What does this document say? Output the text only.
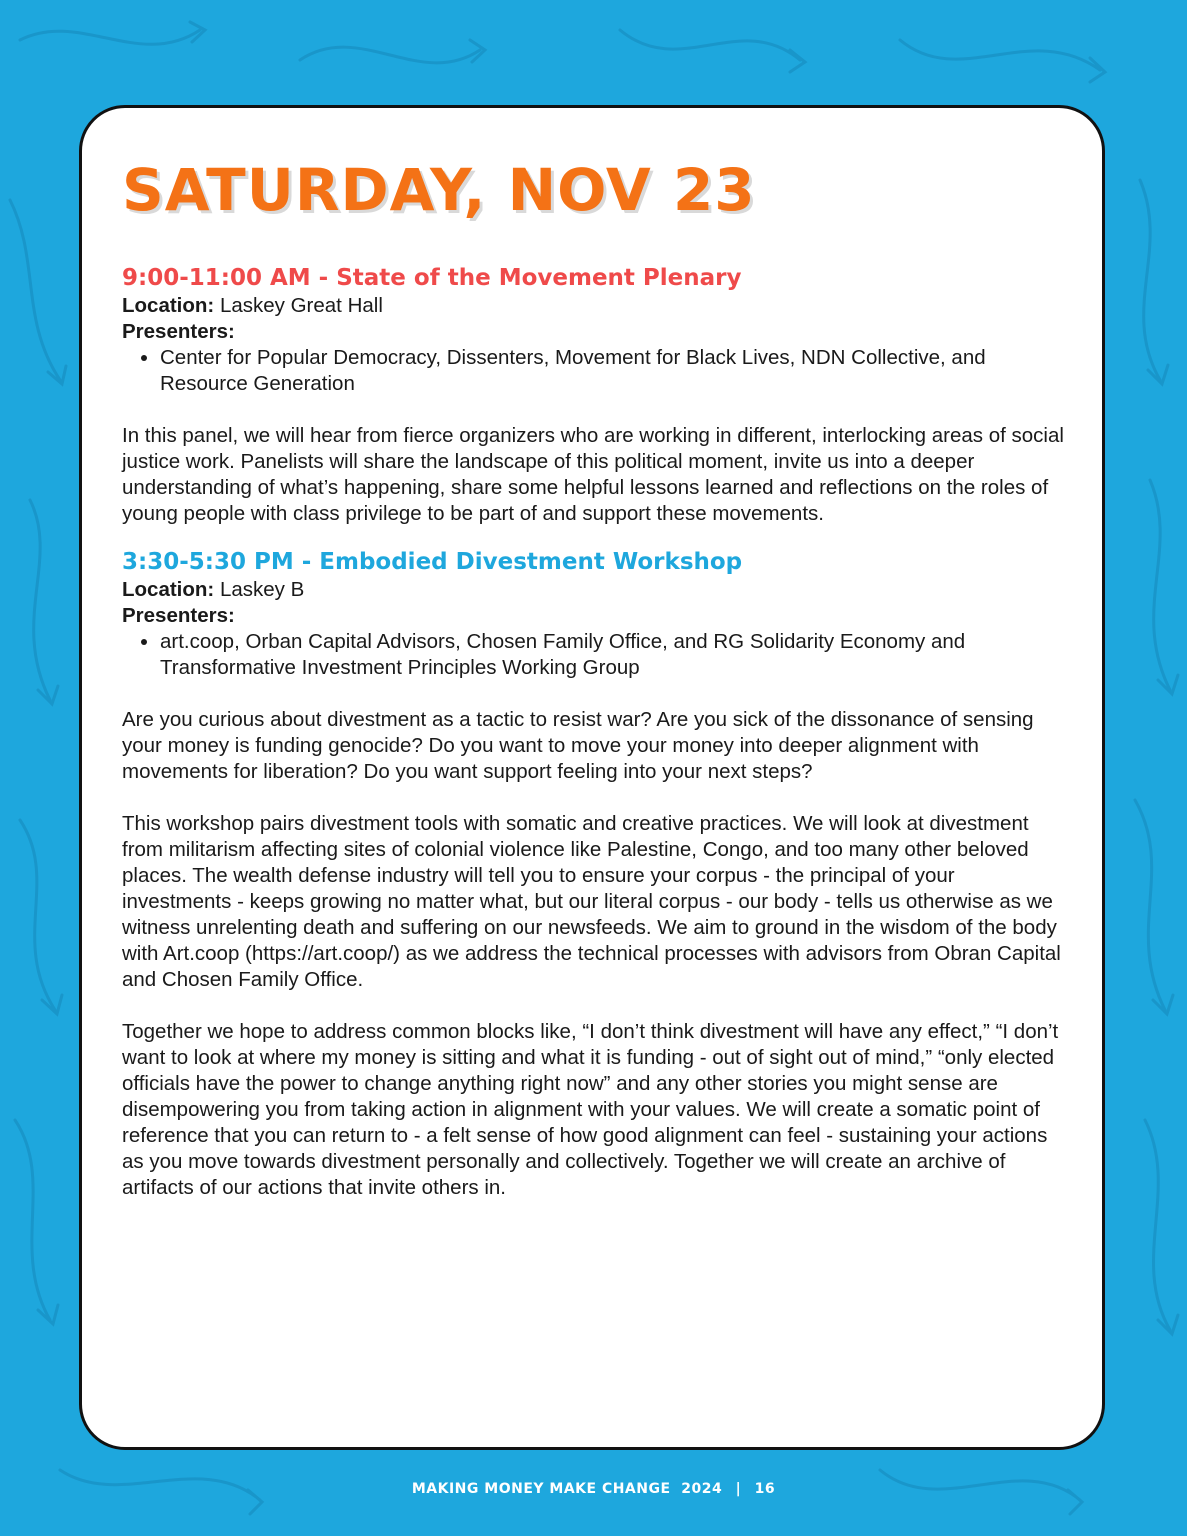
SATURDAY, NOV 23
9:00-11:00 AM - State of the Movement Plenary

Location: Laskey Great Hall

Presenters:

• Center for Popular Democracy, Dissenters, Movement for Black Lives, NDN Collective, and Resource Generation

In this panel, we will hear from fierce organizers who are working in different, interlocking areas of social justice work. Panelists will share the landscape of this political moment, invite us into a deeper understanding of what’s happening, share some helpful lessons learned and reflections on the roles of young people with class privilege to be part of and support these movements.

3:30-5:30 PM - Embodied Divestment Workshop

Location: Laskey B

Presenters:

• art.coop, Orban Capital Advisors, Chosen Family Office, and RG Solidarity Economy and Transformative Investment Principles Working Group

Are you curious about divestment as a tactic to resist war? Are you sick of the dissonance of sensing your money is funding genocide? Do you want to move your money into deeper alignment with movements for liberation? Do you want support feeling into your next steps?

This workshop pairs divestment tools with somatic and creative practices. We will look at divestment from militarism affecting sites of colonial violence like Palestine, Congo, and too many other beloved places. The wealth defense industry will tell you to ensure your corpus - the principal of your investments - keeps growing no matter what, but our literal corpus - our body - tells us otherwise as we witness unrelenting death and suffering on our newsfeeds. We aim to ground in the wisdom of the body with Art.coop (https://art.coop/) as we address the technical processes with advisors from Obran Capital and Chosen Family Office.

Together we hope to address common blocks like, “I don’t think divestment will have any effect,” “I don’t want to look at where my money is sitting and what it is funding - out of sight out of mind,” “only elected officials have the power to change anything right now” and any other stories you might sense are disempowering you from taking action in alignment with your values. We will create a somatic point of reference that you can return to - a felt sense of how good alignment can feel - sustaining your actions as you move towards divestment personally and collectively. Together we will create an archive of artifacts of our actions that invite others in.

MAKING MONEY MAKE CHANGE  2024 | 16
